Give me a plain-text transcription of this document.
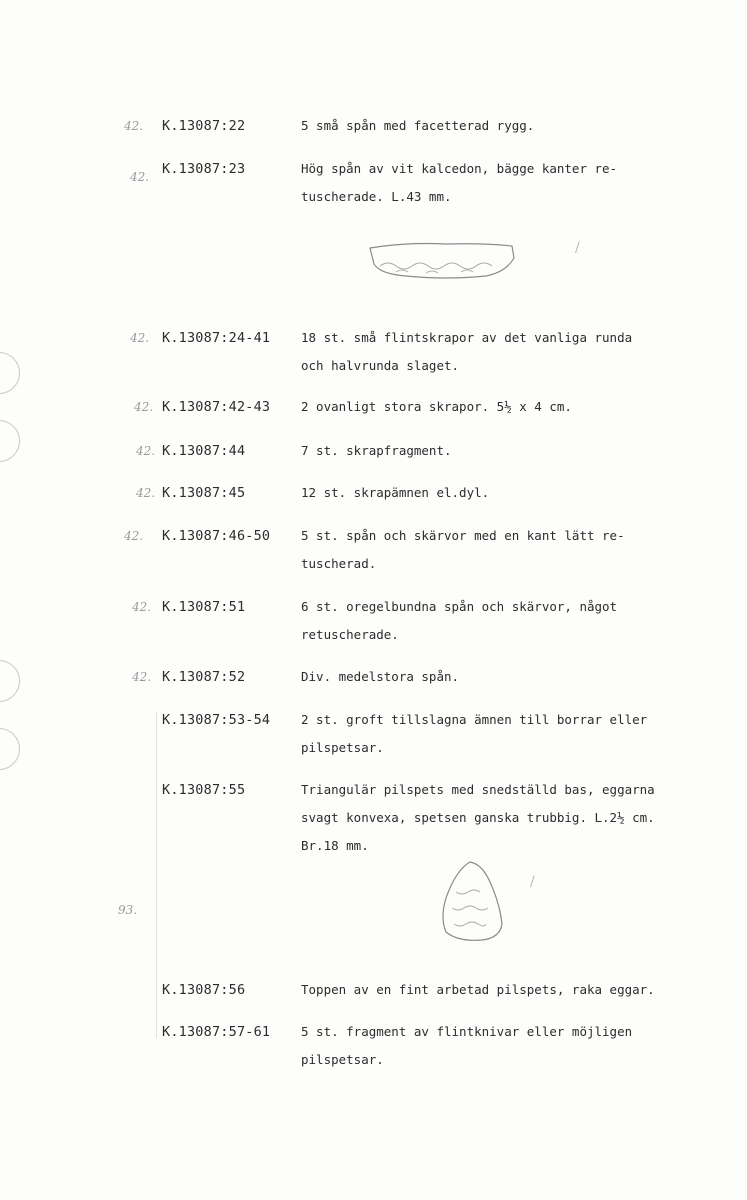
42. K.13087:22	5 små spån med facetterad rygg.
42. K.13087:23	Hög spån av vit kalcedon, bägge kanter re-
tuscherade. L.43 mm.
/
42. K.13087:24-41 18 st. små flintskrapor av det vanliga runda
och halvrunda slaget.
42. K.13087:42-43 2 ovanligt stora skrapor. 5½ x 4 cm.
42. K.13087:44	7 st. skrapfragment.
42. K.13087:45	12 st. skrapämnen el.dyl.
42. K.13087:46-50 5 st. spån och skärvor med en kant lätt re-
tuscherad.
42. K.13087:51	6 st. oregelbundna spån och skärvor, något
retuscherade.
42. K.13087:52	Div. medelstora spån.
K.13087:53-54 2 st. groft tillslagna ämnen till borrar eller
pilspetsar.
K.13087:55	Triangulär pilspets med snedställd bas, eggarna
svagt konvexa, spetsen ganska trubbig. L.2½ cm.
Br.18 mm.
/
93.
K.13087:56	Toppen av en fint arbetad pilspets, raka eggar.
K.13087:57-61 5 st. fragment av flintknivar eller möjligen
pilspetsar.
